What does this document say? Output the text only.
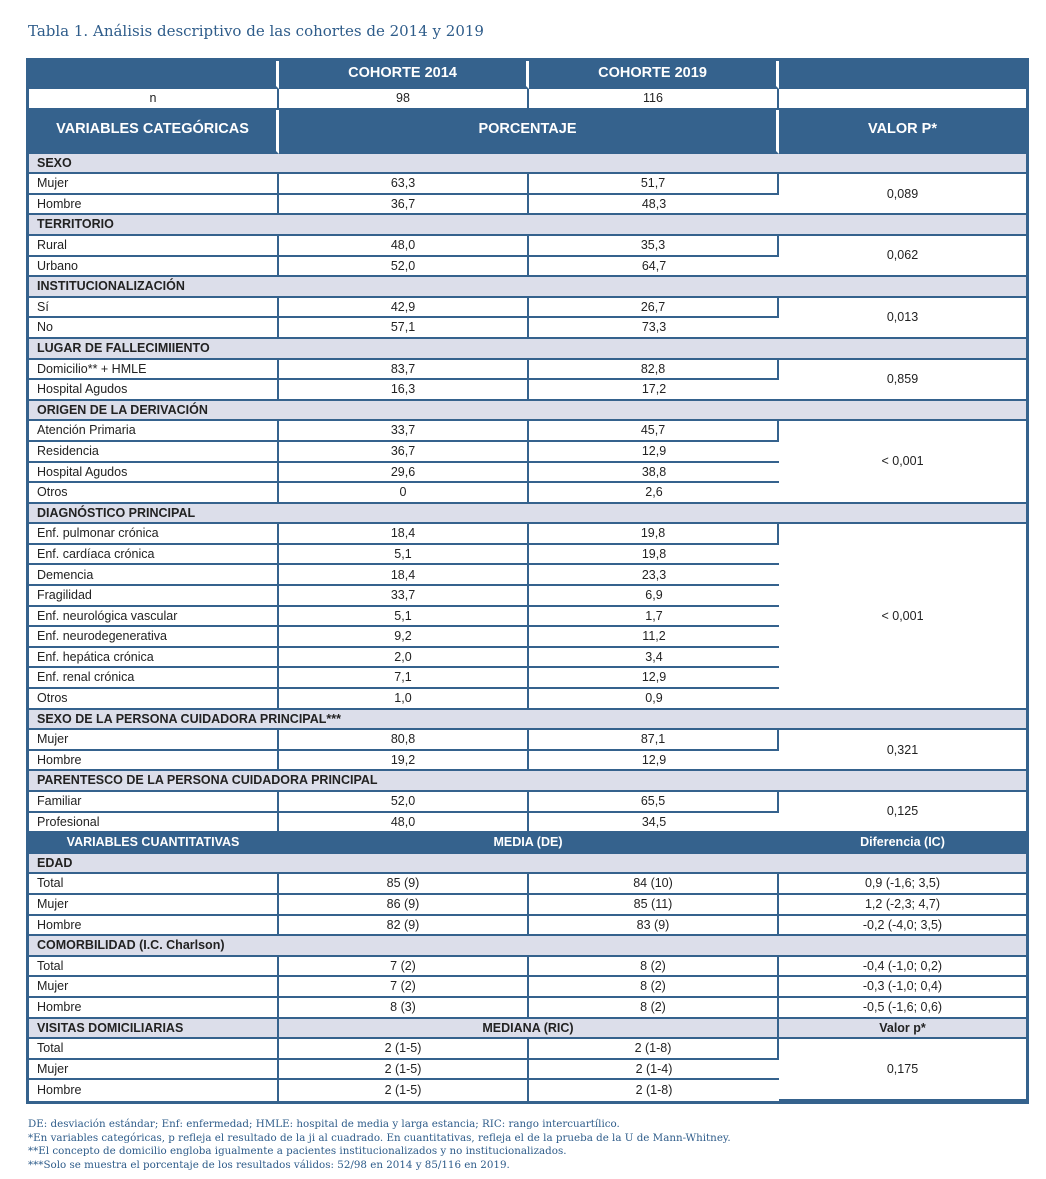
Tabla 1. Análisis descriptivo de las cohortes de 2014 y 2019
	COHORTE 2014	COHORTE 2019	
n	98	116	
VARIABLES CATEGÓRICAS	PORCENTAJE		VALOR P*
SEXO			
Mujer	63,3	51,7	0,089
Hombre	36,7	48,3	
TERRITORIO			
Rural	48,0	35,3	0,062
Urbano	52,0	64,7	
INSTITUCIONALIZACIÓN			
Sí	42,9	26,7	0,013
No	57,1	73,3	
LUGAR DE FALLECIMIIENTO			
Domicilio** + HMLE	83,7	82,8	0,859
Hospital Agudos	16,3	17,2	
ORIGEN DE LA DERIVACIÓN			
Atención Primaria	33,7	45,7	< 0,001
Residencia	36,7	12,9	
Hospital Agudos	29,6	38,8	
Otros	0	2,6	
DIAGNÓSTICO PRINCIPAL			
Enf. pulmonar crónica	18,4	19,8	< 0,001
Enf. cardíaca crónica	5,1	19,8	
Demencia	18,4	23,3	
Fragilidad	33,7	6,9	
Enf. neurológica vascular	5,1	1,7	
Enf. neurodegenerativa	9,2	11,2	
Enf. hepática crónica	2,0	3,4	
Enf. renal crónica	7,1	12,9	
Otros	1,0	0,9	
SEXO DE LA PERSONA CUIDADORA PRINCIPAL***			
Mujer	80,8	87,1	0,321
Hombre	19,2	12,9	
PARENTESCO DE LA PERSONA CUIDADORA PRINCIPAL			
Familiar	52,0	65,5	0,125
Profesional	48,0	34,5	
VARIABLES CUANTITATIVAS	MEDIA (DE)		Diferencia (IC)
EDAD			
Total	85 (9)	84 (10)	0,9 (-1,6; 3,5)
Mujer	86 (9)	85 (11)	1,2 (-2,3; 4,7)
Hombre	82 (9)	83 (9)	-0,2 (-4,0; 3,5)
COMORBILIDAD (I.C. Charlson)			
Total	7 (2)	8 (2)	-0,4 (-1,0; 0,2)
Mujer	7 (2)	8 (2)	-0,3 (-1,0; 0,4)
Hombre	8 (3)	8 (2)	-0,5 (-1,6; 0,6)
VISITAS DOMICILIARIAS	MEDIANA (RIC)		Valor p*
Total	2 (1-5)	2 (1-8)	0,175
Mujer	2 (1-5)	2 (1-4)	
Hombre	2 (1-5)	2 (1-8)	
DE: desviación estándar; Enf: enfermedad; HMLE: hospital de media y larga estancia; RIC: rango intercuartílico.
*En variables categóricas, p refleja el resultado de la ji al cuadrado. En cuantitativas, refleja el de la prueba de la U de Mann-Whitney.
**El concepto de domicilio engloba igualmente a pacientes institucionalizados y no institucionalizados.
***Solo se muestra el porcentaje de los resultados válidos: 52/98 en 2014 y 85/116 en 2019.
